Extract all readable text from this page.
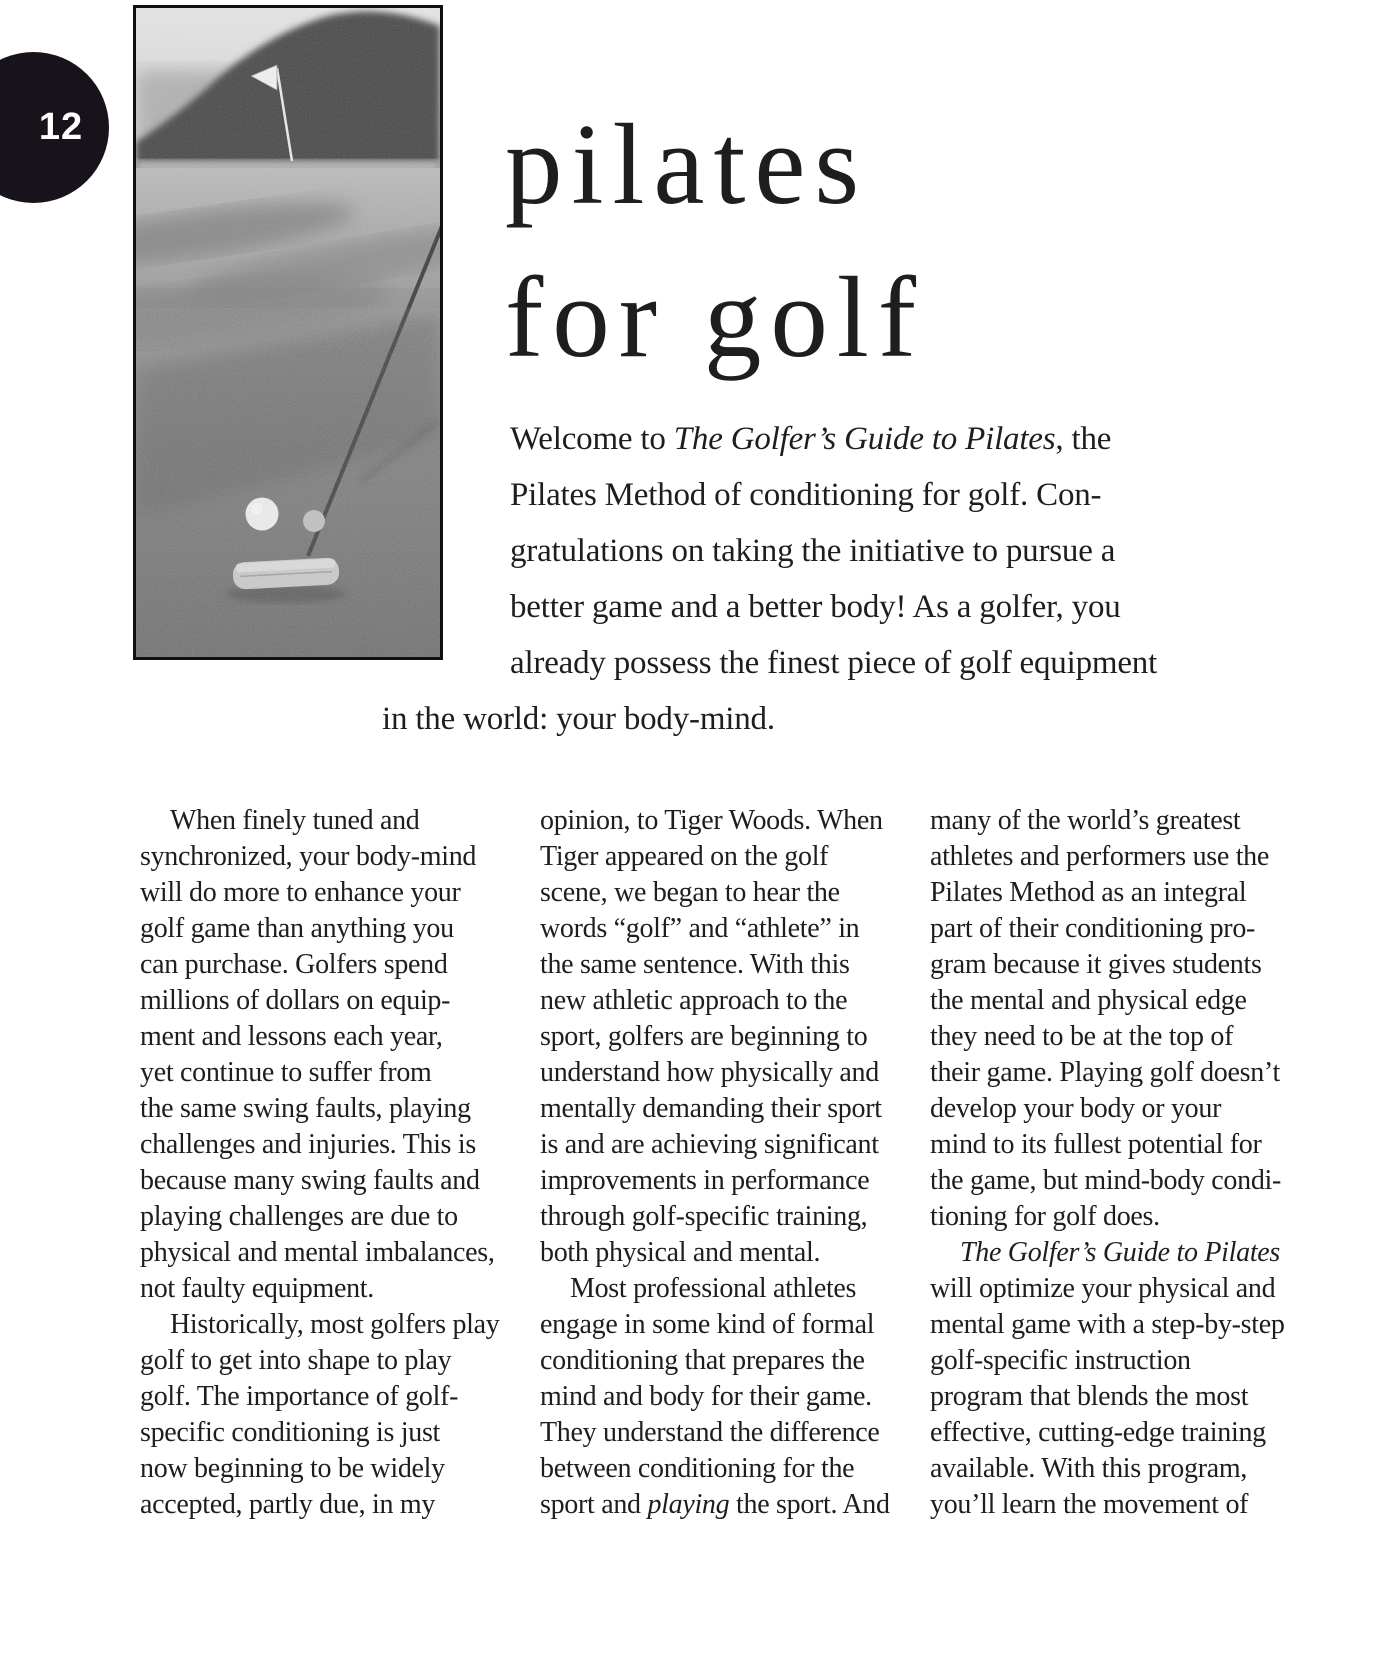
12	pilates
for golf
Welcome to The Golfer’s Guide to Pilates, the
Pilates Method of conditioning for golf. Con-
gratulations on taking the initiative to pursue a
better game and a better body! As a golfer, you
already possess the finest piece of golf equipment
in the world: your body-mind.
When finely tuned and
synchronized, your body-mind
will do more to enhance your
golf game than anything you
can purchase. Golfers spend
millions of dollars on equip-
ment and lessons each year,
yet continue to suffer from
the same swing faults, playing
challenges and injuries. This is
because many swing faults and
playing challenges are due to
physical and mental imbalances,
not faulty equipment.
Historically, most golfers play
golf to get into shape to play
golf. The importance of golf-
specific conditioning is just
now beginning to be widely
accepted, partly due, in my
opinion, to Tiger Woods. When
Tiger appeared on the golf
scene, we began to hear the
words “golf” and “athlete” in
the same sentence. With this
new athletic approach to the
sport, golfers are beginning to
understand how physically and
mentally demanding their sport
is and are achieving significant
improvements in performance
through golf-specific training,
both physical and mental.
Most professional athletes
engage in some kind of formal
conditioning that prepares the
mind and body for their game.
They understand the difference
between conditioning for the
sport and playing the sport. And
many of the world’s greatest
athletes and performers use the
Pilates Method as an integral
part of their conditioning pro-
gram because it gives students
the mental and physical edge
they need to be at the top of
their game. Playing golf doesn’t
develop your body or your
mind to its fullest potential for
the game, but mind-body condi-
tioning for golf does.
The Golfer’s Guide to Pilates
will optimize your physical and
mental game with a step-by-step
golf-specific instruction
program that blends the most
effective, cutting-edge training
available. With this program,
you’ll learn the movement of
